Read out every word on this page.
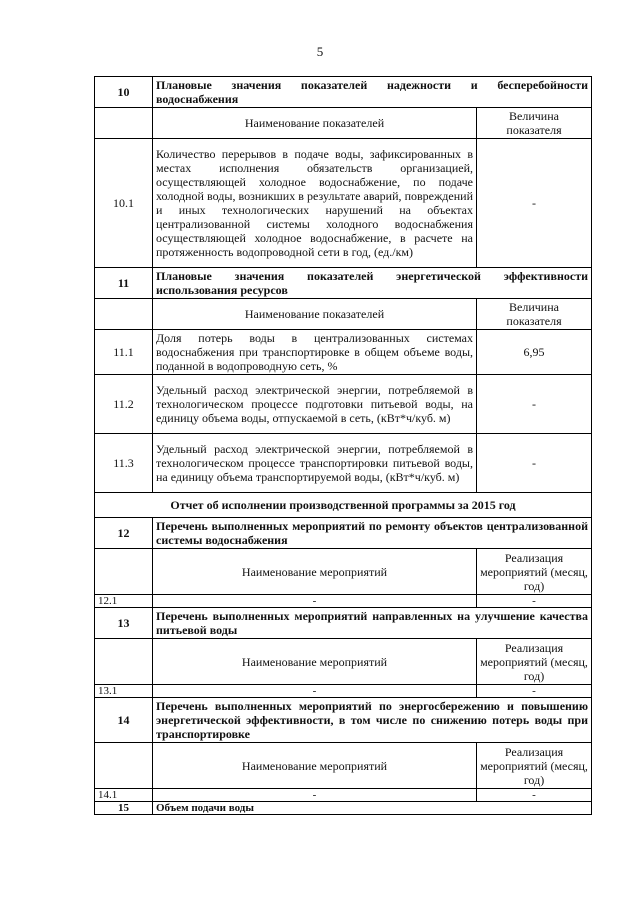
5
10	Плановые значения показателей надежности и бесперебойности водоснабжения	
	Наименование показателей	Величина показателя
10.1	Количество перерывов в подаче воды, зафиксированных в местах исполнения обязательств организацией, осуществляющей холодное водоснабжение, по подаче холодной воды, возникших в результате аварий, повреждений и иных технологических нарушений на объектах централизованной системы холодного водоснабжения осуществляющей холодное водоснабжение, в расчете на протяженность водопроводной сети в год, (ед./км)	-
11	Плановые значения показателей энергетической эффективности использования ресурсов	
	Наименование показателей	Величина показателя
11.1	Доля потерь воды в централизованных системах водоснабжения при транспортировке в общем объеме воды, поданной в водопроводную сеть, %	6,95
11.2	Удельный расход электрической энергии, потребляемой в технологическом процессе подготовки питьевой воды, на единицу объема воды, отпускаемой в сеть, (кВт*ч/куб. м)	-
11.3	Удельный расход электрической энергии, потребляемой в технологическом процессе транспортировки питьевой воды, на единицу объема транспортируемой воды, (кВт*ч/куб. м)	-
Отчет об исполнении производственной программы за 2015 год		
12	Перечень выполненных мероприятий по ремонту объектов централизованной системы водоснабжения	
	Наименование мероприятий	Реализация мероприятий (месяц, год)
12.1	-	-
13	Перечень выполненных мероприятий направленных на улучшение качества питьевой воды	
	Наименование мероприятий	Реализация мероприятий (месяц, год)
13.1	-	-
14	Перечень выполненных мероприятий по энергосбережению и повышению энергетической эффективности, в том числе по снижению потерь воды при транспортировке	
	Наименование мероприятий	Реализация мероприятий (месяц, год)
14.1	-	-
15	Объем подачи воды	
